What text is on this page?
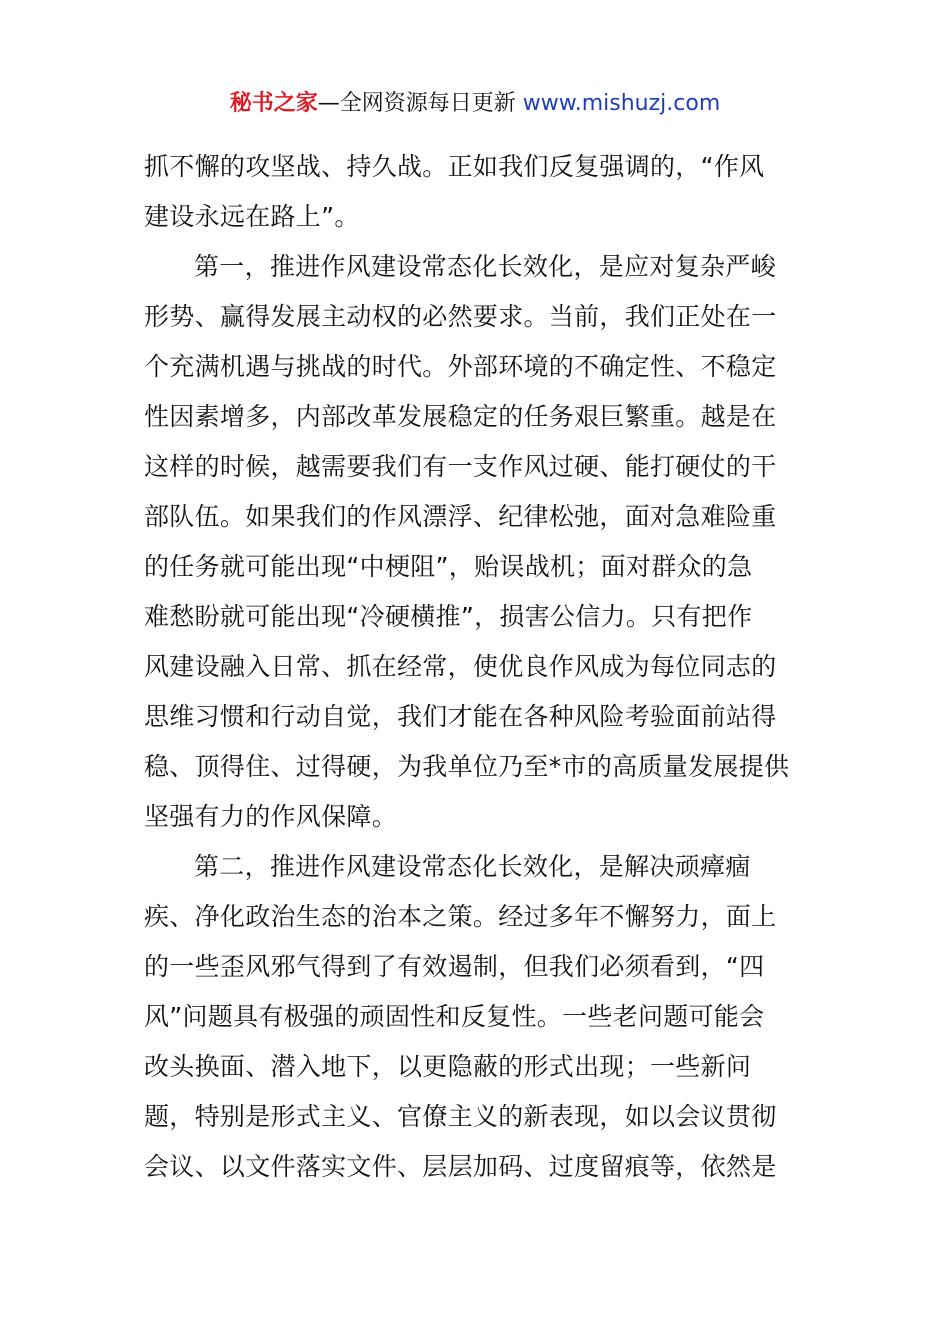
秘书之家—全网资源每日更新 www.mishuzj.com
抓不懈的攻坚战、持久战。正如我们反复强调的，“作风
建设永远在路上”。
第一，推进作风建设常态化长效化，是应对复杂严峻
形势、赢得发展主动权的必然要求。当前，我们正处在一
个充满机遇与挑战的时代。外部环境的不确定性、不稳定
性因素增多，内部改革发展稳定的任务艰巨繁重。越是在
这样的时候，越需要我们有一支作风过硬、能打硬仗的干
部队伍。如果我们的作风漂浮、纪律松弛，面对急难险重
的任务就可能出现“中梗阻”，贻误战机；面对群众的急
难愁盼就可能出现“冷硬横推”，损害公信力。只有把作
风建设融入日常、抓在经常，使优良作风成为每位同志的
思维习惯和行动自觉，我们才能在各种风险考验面前站得
稳、顶得住、过得硬，为我单位乃至*市的高质量发展提供
坚强有力的作风保障。
第二，推进作风建设常态化长效化，是解决顽瘴痼
疾、净化政治生态的治本之策。经过多年不懈努力，面上
的一些歪风邪气得到了有效遏制，但我们必须看到，“四
风”问题具有极强的顽固性和反复性。一些老问题可能会
改头换面、潜入地下，以更隐蔽的形式出现；一些新问
题，特别是形式主义、官僚主义的新表现，如以会议贯彻
会议、以文件落实文件、层层加码、过度留痕等，依然是
